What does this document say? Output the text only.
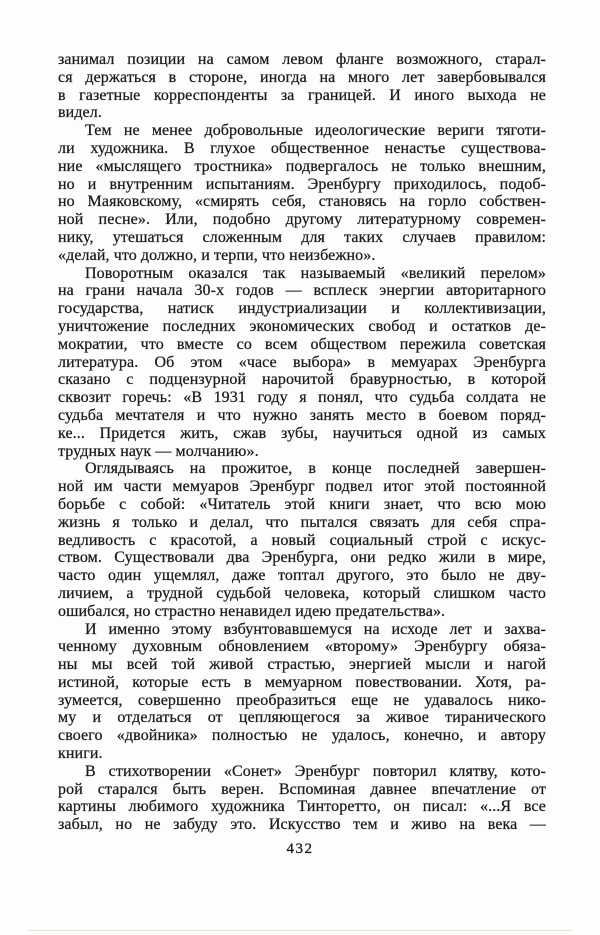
занимал позиции на самом левом фланге возможного, старал-
ся держаться в стороне, иногда на много лет завербовывался
в газетные корреспонденты за границей. И иного выхода не
видел.
Тем не менее добровольные идеологические вериги тяготи-
ли художника. В глухое общественное ненастье существова-
ние «мыслящего тростника» подвергалось не только внешним,
но и внутренним испытаниям. Эренбургу приходилось, подоб-
но Маяковскому, «смирять себя, становясь на горло собствен-
ной песне». Или, подобно другому литературному современ-
нику, утешаться сложенным для таких случаев правилом:
«делай, что должно, и терпи, что неизбежно».
Поворотным оказался так называемый «великий перелом»
на грани начала 30-х годов — всплеск энергии авторитарного
государства, натиск индустриализации и коллективизации,
уничтожение последних экономических свобод и остатков де-
мократии, что вместе со всем обществом пережила советская
литература. Об этом «часе выбора» в мемуарах Эренбурга
сказано с подцензурной нарочитой бравурностью, в которой
сквозит горечь: «В 1931 году я понял, что судьба солдата не
судьба мечтателя и что нужно занять место в боевом поряд-
ке... Придется жить, сжав зубы, научиться одной из самых
трудных наук — молчанию».
Оглядываясь на прожитое, в конце последней завершен-
ной им части мемуаров Эренбург подвел итог этой постоянной
борьбе с собой: «Читатель этой книги знает, что всю мою
жизнь я только и делал, что пытался связать для себя спра-
ведливость с красотой, а новый социальный строй с искус-
ством. Существовали два Эренбурга, они редко жили в мире,
часто один ущемлял, даже топтал другого, это было не дву-
личием, а трудной судьбой человека, который слишком часто
ошибался, но страстно ненавидел идею предательства».
И именно этому взбунтовавшемуся на исходе лет и захва-
ченному духовным обновлением «второму» Эренбургу обяза-
ны мы всей той живой страстью, энергией мысли и нагой
истиной, которые есть в мемуарном повествовании. Хотя, ра-
зумеется, совершенно преобразиться еще не удавалось нико-
му и отделаться от цепляющегося за живое тиранического
своего «двойника» полностью не удалось, конечно, и автору
книги.
В стихотворении «Сонет» Эренбург повторил клятву, кото-
рой старался быть верен. Вспоминая давнее впечатление от
картины любимого художника Тинторетто, он писал: «...Я все
забыл, но не забуду это. Искусство тем и живо на века —
432
